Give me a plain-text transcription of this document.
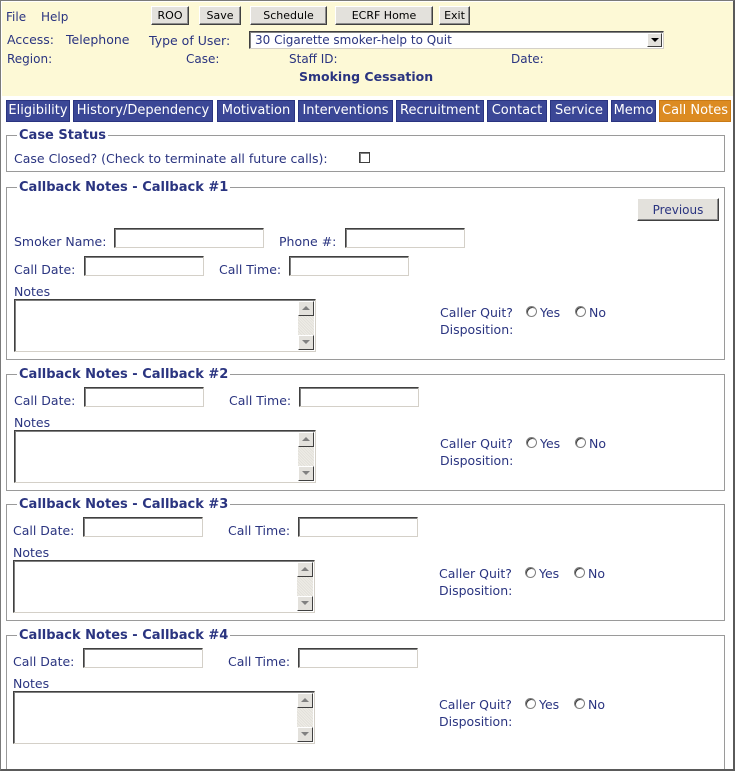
File Help	ROO	Save	Schedule	ECRF Home	Exit
Access: Telephone Type of User: 30 Cigarette smoker-help to Quit
Region:	Case:	Staff ID:	Date:
Smoking Cessation
Eligibility History/Dependency Motivation Interventions Recruitment Contact Service Memo Call Notes
Case Status
Case Closed? (Check to terminate all future calls):
Callback Notes - Callback #1
Previous
Smoker Name:	Phone #:
Call Date:	Call Time:
Notes
Caller Quit? Yes No
Disposition:
Callback Notes - Callback #2
Call Date:	Call Time:
Notes
Caller Quit? Yes No
Disposition:
Callback Notes - Callback #3
Call Date:	Call Time:
Notes
Caller Quit? Yes No
Disposition:
Callback Notes - Callback #4
Call Date:	Call Time:
Notes
Caller Quit? Yes No
Disposition:
